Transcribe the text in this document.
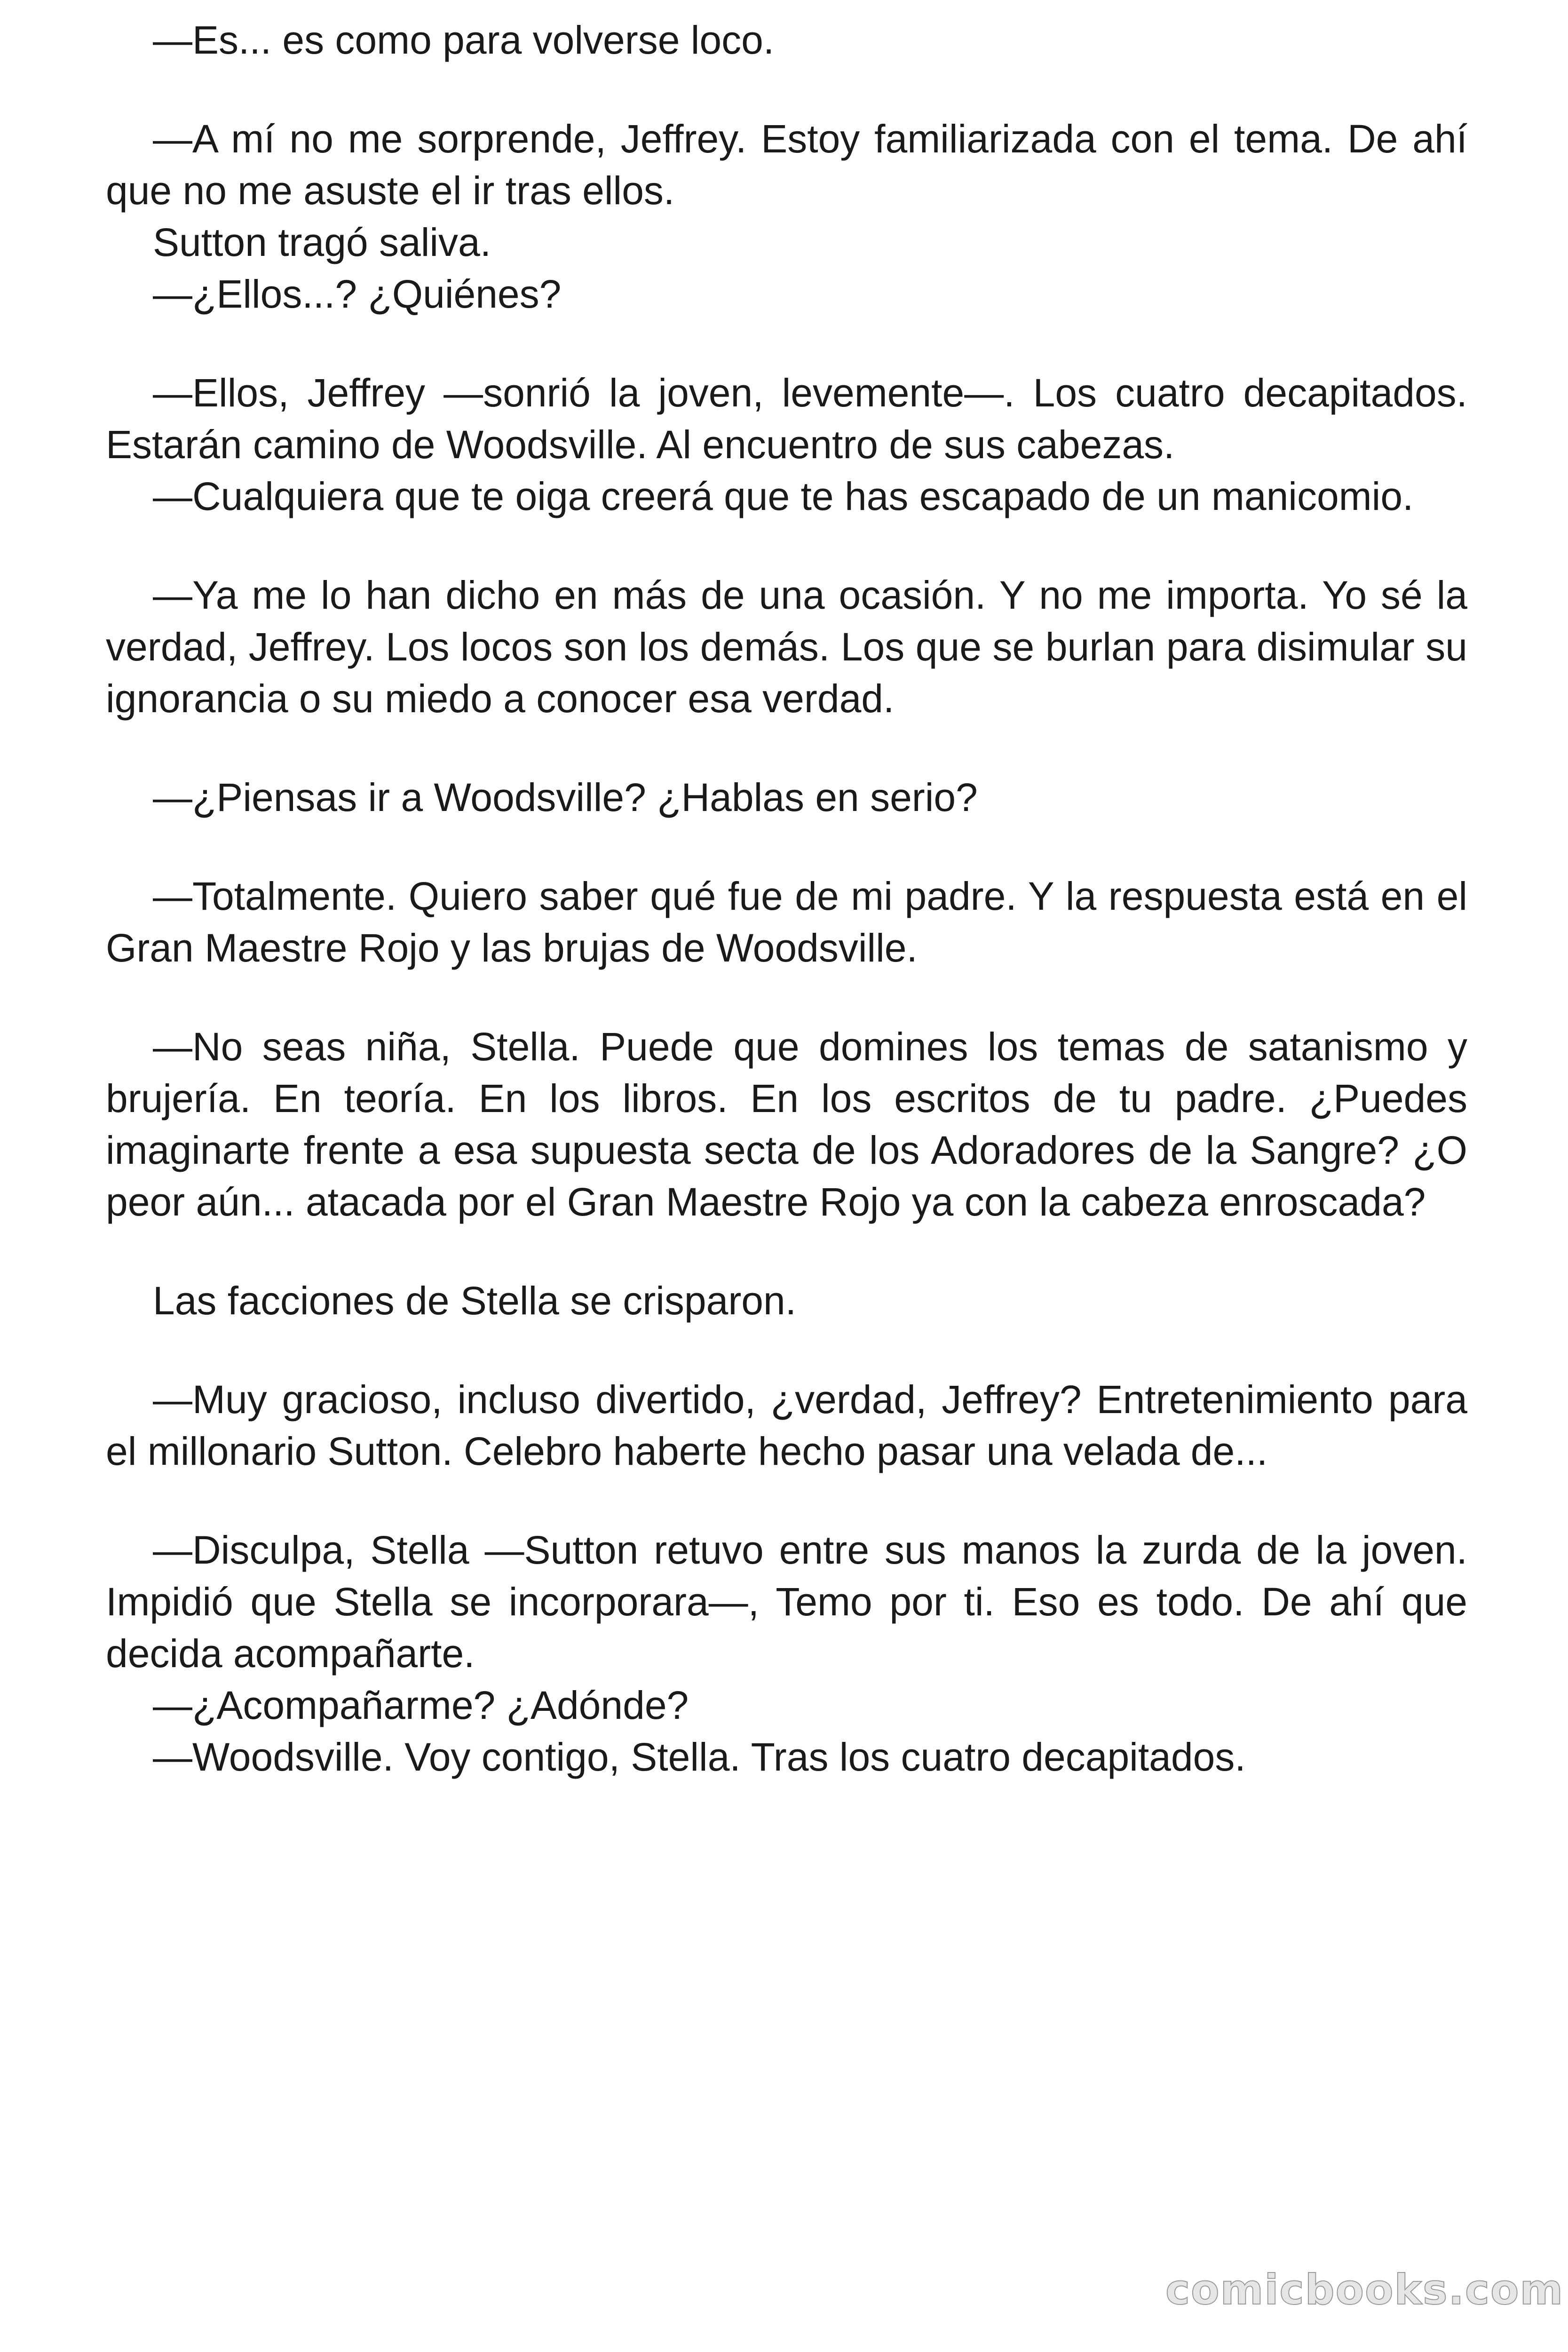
—Es... es como para volverse loco.

—A mí no me sorprende, Jeffrey. Estoy familiarizada con el tema. De ahí que no me asuste el ir tras ellos.

Sutton tragó saliva.

—¿Ellos...? ¿Quiénes?

—Ellos, Jeffrey —sonrió la joven, levemente—. Los cuatro decapitados. Estarán camino de Woodsville. Al encuentro de sus cabezas.

—Cualquiera que te oiga creerá que te has escapado de un manicomio.

—Ya me lo han dicho en más de una ocasión. Y no me importa. Yo sé la verdad, Jeffrey. Los locos son los demás. Los que se burlan para disimular su ignorancia o su miedo a conocer esa verdad.

—¿Piensas ir a Woodsville? ¿Hablas en serio?

—Totalmente. Quiero saber qué fue de mi padre. Y la respuesta está en el Gran Maestre Rojo y las brujas de Woodsville.

—No seas niña, Stella. Puede que domines los temas de satanismo y brujería. En teoría. En los libros. En los escritos de tu padre. ¿Puedes imaginarte frente a esa supuesta secta de los Adoradores de la Sangre? ¿O peor aún... atacada por el Gran Maestre Rojo ya con la cabeza enroscada?

Las facciones de Stella se crisparon.

—Muy gracioso, incluso divertido, ¿verdad, Jeffrey? Entretenimiento para el millonario Sutton. Celebro haberte hecho pasar una velada de...

—Disculpa, Stella —Sutton retuvo entre sus manos la zurda de la joven. Impidió que Stella se incorporara—, Temo por ti. Eso es todo. De ahí que decida acompañarte.

—¿Acompañarme? ¿Adónde?

—Woodsville. Voy contigo, Stella. Tras los cuatro decapitados.

comicbooks.com
